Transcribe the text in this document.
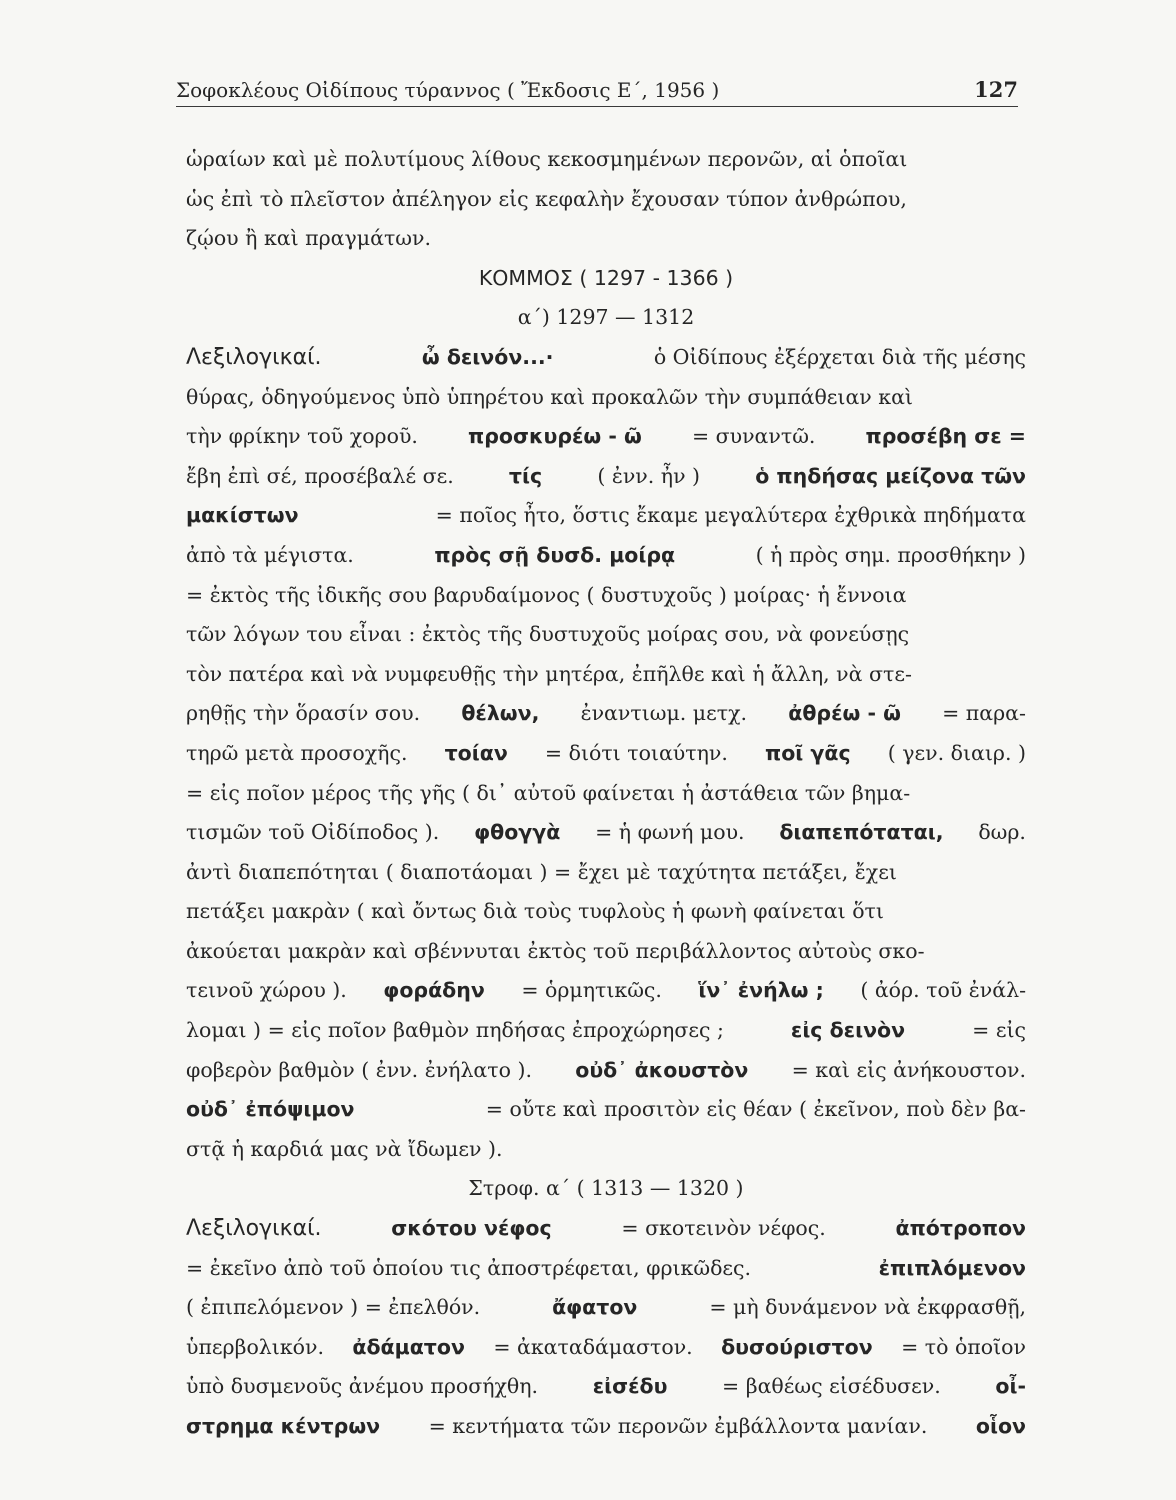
Σοφοκλέους Οἰδίπους τύραννος ( Ἔκδοσις Ε΄, 1956 )	127
ὡραίων καὶ μὲ πολυτίμους λίθους κεκοσμημένων περονῶν, αἱ ὁποῖαι
ὡς ἐπὶ τὸ πλεῖστον ἀπέληγον εἰς κεφαλὴν ἔχουσαν τύπον ἀνθρώπου,
ζῴου ἢ καὶ πραγμάτων.
ΚΟΜΜΟΣ ( 1297 - 1366 )
α΄) 1297 — 1312
Λεξιλογικαί.	ὦ δεινόν...·	ὁ Οἰδίπους ἐξέρχεται διὰ τῆς μέσης
θύρας, ὁδηγούμενος ὑπὸ ὑπηρέτου καὶ προκαλῶν τὴν συμπάθειαν καὶ
τὴν φρίκην τοῦ χοροῦ. προσκυρέω - ῶ = συναντῶ. προσέβη σε =
ἔβη ἐπὶ σέ, προσέβαλέ σε.	τίς	( ἐνν. ἦν )	ὁ πηδήσας μείζονα τῶν
μακίστων	= ποῖος ἦτο, ὅστις ἔκαμε μεγαλύτερα ἐχθρικὰ πηδήματα
ἀπὸ τὰ μέγιστα.	πρὸς σῇ δυσδ. μοίρᾳ	( ἡ πρὸς σημ. προσθήκην )
= ἐκτὸς τῆς ἰδικῆς σου βαρυδαίμονος ( δυστυχοῦς ) μοίρας· ἡ ἔννοια
τῶν λόγων του εἶναι : ἐκτὸς τῆς δυστυχοῦς μοίρας σου, νὰ φονεύσῃς
τὸν πατέρα καὶ νὰ νυμφευθῇς τὴν μητέρα, ἐπῆλθε καὶ ἡ ἄλλη, νὰ στε-
ρηθῇς τὴν ὅρασίν σου. θέλων, ἐναντιωμ. μετχ. ἀθρέω - ῶ = παρα-
τηρῶ μετὰ προσοχῆς. τοίαν = διότι τοιαύτην. ποῖ γᾶς ( γεν. διαιρ. )
= εἰς ποῖον μέρος τῆς γῆς ( δι᾽ αὐτοῦ φαίνεται ἡ ἀστάθεια τῶν βημα-
τισμῶν τοῦ Οἰδίποδος ). φθογγὰ = ἡ φωνή μου. διαπεπόταται, δωρ.
ἀντὶ διαπεπότηται ( διαποτάομαι ) = ἔχει μὲ ταχύτητα πετάξει, ἔχει
πετάξει μακρὰν ( καὶ ὄντως διὰ τοὺς τυφλοὺς ἡ φωνὴ φαίνεται ὅτι
ἀκούεται μακρὰν καὶ σβέννυται ἐκτὸς τοῦ περιβάλλοντος αὐτοὺς σκο-
τεινοῦ χώρου ). φοράδην = ὁρμητικῶς. ἵν᾽ ἐνήλω ; ( ἀόρ. τοῦ ἐνάλ-
λομαι ) = εἰς ποῖον βαθμὸν πηδήσας ἐπροχώρησες ;	εἰς δεινὸν	= εἰς
φοβερὸν βαθμὸν ( ἐνν. ἐνήλατο ). οὐδ᾽ ἀκουστὸν = καὶ εἰς ἀνήκουστον.
οὐδ᾽ ἐπόψιμον	= οὔτε καὶ προσιτὸν εἰς θέαν ( ἐκεῖνον, ποὺ δὲν βα-
στᾷ ἡ καρδιά μας νὰ ἴδωμεν ).
Στροφ. α΄ ( 1313 — 1320 )
Λεξιλογικαί.	σκότου νέφος	= σκοτεινὸν νέφος.	ἀπότροπον
= ἐκεῖνο ἀπὸ τοῦ ὁποίου τις ἀποστρέφεται, φρικῶδες.	ἐπιπλόμενον
( ἐπιπελόμενον ) = ἐπελθόν.	ἄφατον	= μὴ δυνάμενον νὰ ἐκφρασθῇ,
ὑπερβολικόν. ἀδάματον = ἀκαταδάμαστον. δυσούριστον = τὸ ὁποῖον
ὑπὸ δυσμενοῦς ἀνέμου προσήχθη.	εἰσέδυ	= βαθέως εἰσέδυσεν.	οἶ-
στρημα κέντρων = κεντήματα τῶν περονῶν ἐμβάλλοντα μανίαν. οἷον
